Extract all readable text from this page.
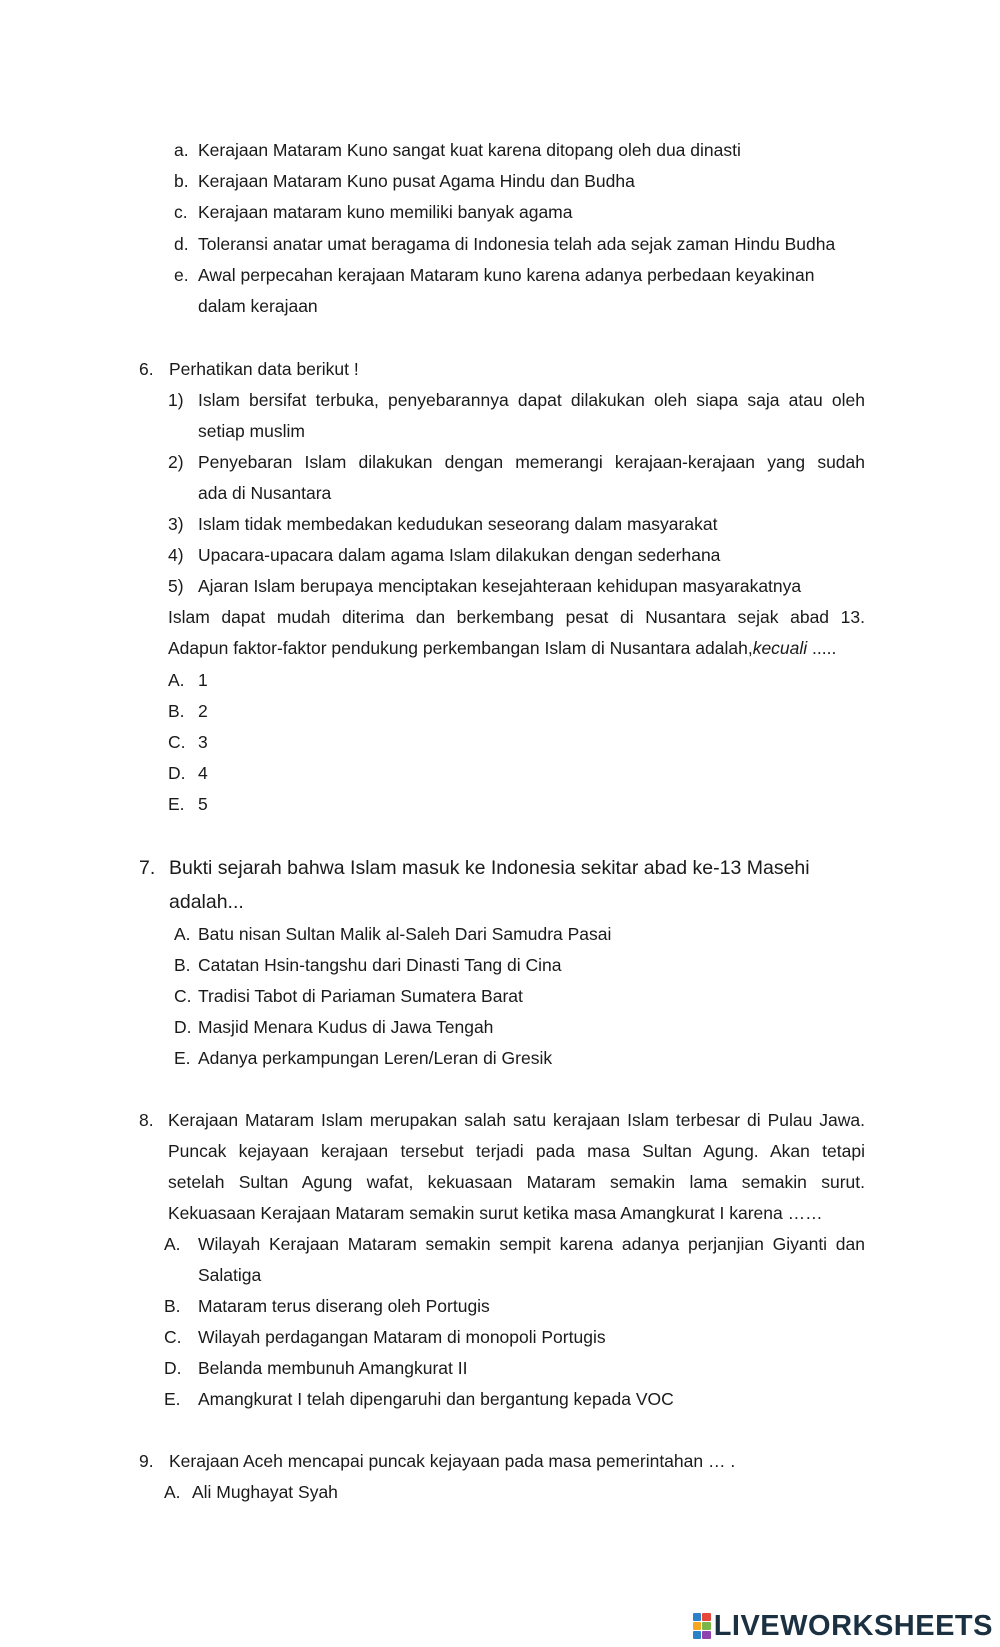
a. Kerajaan Mataram Kuno sangat kuat karena ditopang oleh dua dinasti
b. Kerajaan Mataram Kuno pusat Agama Hindu dan Budha
c. Kerajaan mataram kuno memiliki banyak agama
d. Toleransi anatar umat beragama di Indonesia telah ada sejak zaman Hindu Budha
e. Awal perpecahan kerajaan Mataram kuno karena adanya perbedaan keyakinan
dalam kerajaan
6. Perhatikan data berikut !
1) Islam bersifat terbuka, penyebarannya dapat dilakukan oleh siapa saja atau oleh
setiap muslim
2) Penyebaran Islam dilakukan dengan memerangi kerajaan-kerajaan yang sudah
ada di Nusantara
3) Islam tidak membedakan kedudukan seseorang dalam masyarakat
4) Upacara-upacara dalam agama Islam dilakukan dengan sederhana
5) Ajaran Islam berupaya menciptakan kesejahteraan kehidupan masyarakatnya
Islam dapat mudah diterima dan berkembang pesat di Nusantara sejak abad 13.
Adapun faktor-faktor pendukung perkembangan Islam di Nusantara adalah,kecuali .....
A. 1
B. 2
C. 3
D. 4
E. 5
7. Bukti sejarah bahwa Islam masuk ke Indonesia sekitar abad ke-13 Masehi
adalah...
A. Batu nisan Sultan Malik al-Saleh Dari Samudra Pasai
B. Catatan Hsin-tangshu dari Dinasti Tang di Cina
C. Tradisi Tabot di Pariaman Sumatera Barat
D. Masjid Menara Kudus di Jawa Tengah
E. Adanya perkampungan Leren/Leran di Gresik
8. Kerajaan Mataram Islam merupakan salah satu kerajaan Islam terbesar di Pulau Jawa.
Puncak kejayaan kerajaan tersebut terjadi pada masa Sultan Agung. Akan tetapi
setelah Sultan Agung wafat, kekuasaan Mataram semakin lama semakin surut.
Kekuasaan Kerajaan Mataram semakin surut ketika masa Amangkurat I karena ……
A. Wilayah Kerajaan Mataram semakin sempit karena adanya perjanjian Giyanti dan
Salatiga
B. Mataram terus diserang oleh Portugis
C. Wilayah perdagangan Mataram di monopoli Portugis
D. Belanda membunuh Amangkurat II
E. Amangkurat I telah dipengaruhi dan bergantung kepada VOC
9. Kerajaan Aceh mencapai puncak kejayaan pada masa pemerintahan … .
A. Ali Mughayat Syah
LIVEWORKSHEETS
